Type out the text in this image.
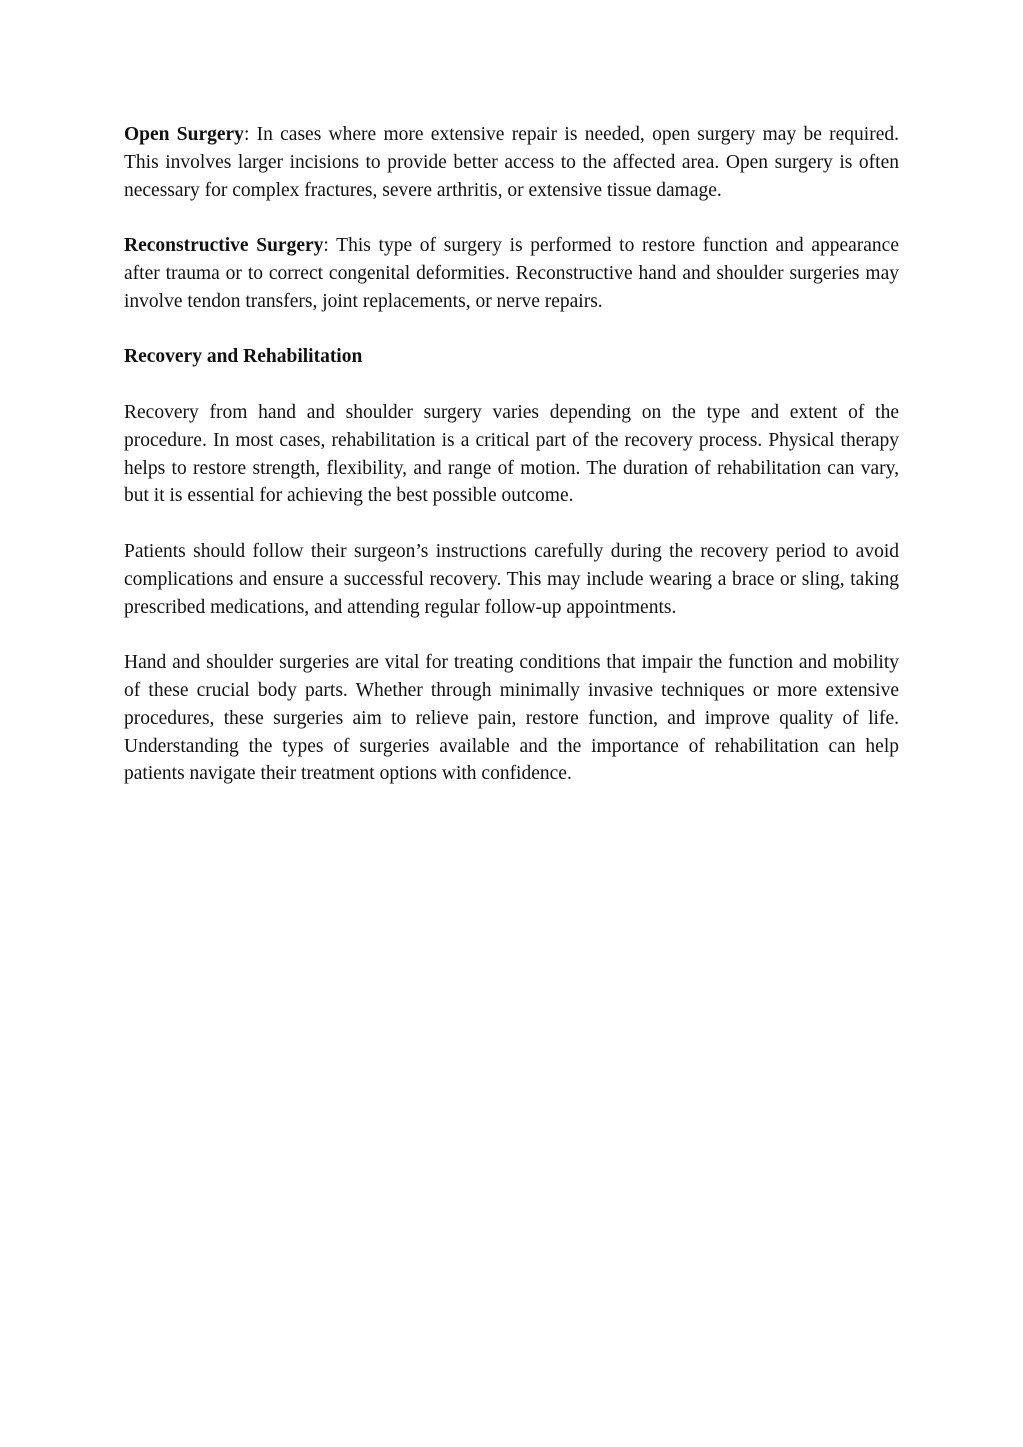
Open Surgery: In cases where more extensive repair is needed, open surgery may be required. This involves larger incisions to provide better access to the affected area. Open surgery is often necessary for complex fractures, severe arthritis, or extensive tissue damage.

Reconstructive Surgery: This type of surgery is performed to restore function and appearance after trauma or to correct congenital deformities. Reconstructive hand and shoulder surgeries may involve tendon transfers, joint replacements, or nerve repairs.

Recovery and Rehabilitation

Recovery from hand and shoulder surgery varies depending on the type and extent of the procedure. In most cases, rehabilitation is a critical part of the recovery process. Physical therapy helps to restore strength, flexibility, and range of motion. The duration of rehabilitation can vary, but it is essential for achieving the best possible outcome.

Patients should follow their surgeon’s instructions carefully during the recovery period to avoid complications and ensure a successful recovery. This may include wearing a brace or sling, taking prescribed medications, and attending regular follow-up appointments.

Hand and shoulder surgeries are vital for treating conditions that impair the function and mobility of these crucial body parts. Whether through minimally invasive techniques or more extensive procedures, these surgeries aim to relieve pain, restore function, and improve quality of life. Understanding the types of surgeries available and the importance of rehabilitation can help patients navigate their treatment options with confidence.
